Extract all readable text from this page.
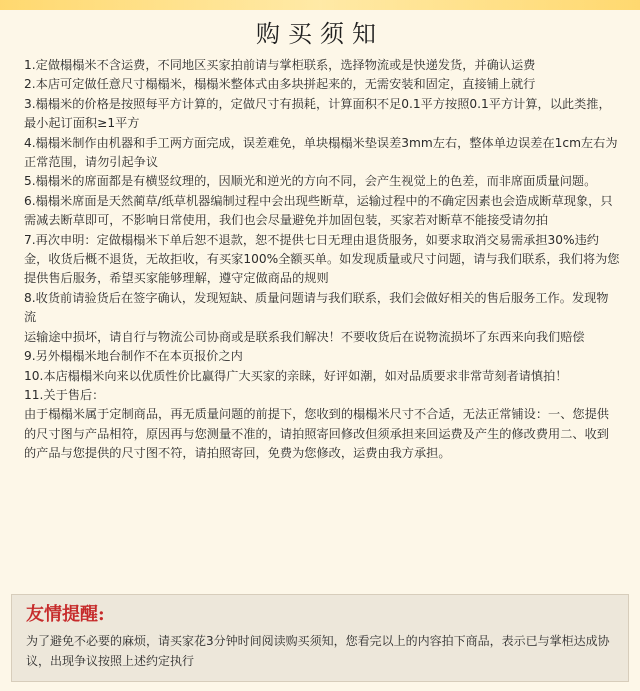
购买须知

1.定做榻榻米不含运费，不同地区买家拍前请与掌柜联系，选择物流或是快递发货，并确认运费

2.本店可定做任意尺寸榻榻米，榻榻米整体式由多块拼起来的，无需安装和固定，直接铺上就行

3.榻榻米的价格是按照每平方计算的，定做尺寸有损耗，计算面积不足0.1平方按照0.1平方计算，以此类推，最小起订面积≥1平方

4.榻榻米制作由机器和手工两方面完成，误差难免，单块榻榻米垫误差3mm左右，整体单边误差在1cm左右为正常范围，请勿引起争议

5.榻榻米的席面都是有横竖纹理的，因顺光和逆光的方向不同，会产生视觉上的色差，而非席面质量问题。

6.榻榻米席面是天然蔺草/纸草机器编制过程中会出现些断草，运输过程中的不确定因素也会造成断草现象，只需减去断草即可，不影响日常使用，我们也会尽量避免并加固包装，买家若对断草不能接受请勿拍

7.再次申明：定做榻榻米下单后恕不退款，恕不提供七日无理由退货服务，如要求取消交易需承担30%违约金，收货后概不退货，无故拒收，有买家100%全额买单。如发现质量或尺寸问题，请与我们联系，我们将为您提供售后服务，希望买家能够理解，遵守定做商品的规则

8.收货前请验货后在签字确认，发现短缺、质量问题请与我们联系，我们会做好相关的售后服务工作。发现物流

运输途中损坏，请自行与物流公司协商或是联系我们解决！不要收货后在说物流损坏了东西来向我们赔偿

9.另外榻榻米地台制作不在本页报价之内

10.本店榻榻米向来以优质性价比赢得广大买家的亲睐，好评如潮，如对品质要求非常苛刻者请慎拍！

11.关于售后：

由于榻榻米属于定制商品，再无质量问题的前提下，您收到的榻榻米尺寸不合适，无法正常铺设：一、您提供的尺寸图与产品相符，原因再与您测量不准的，请拍照寄回修改但须承担来回运费及产生的修改费用二、收到的产品与您提供的尺寸图不符，请拍照寄回，免费为您修改，运费由我方承担。

友情提醒:
为了避免不必要的麻烦，请买家花3分钟时间阅读购买须知，您看完以上的内容拍下商品，表示已与掌柜达成协议，出现争议按照上述约定执行
